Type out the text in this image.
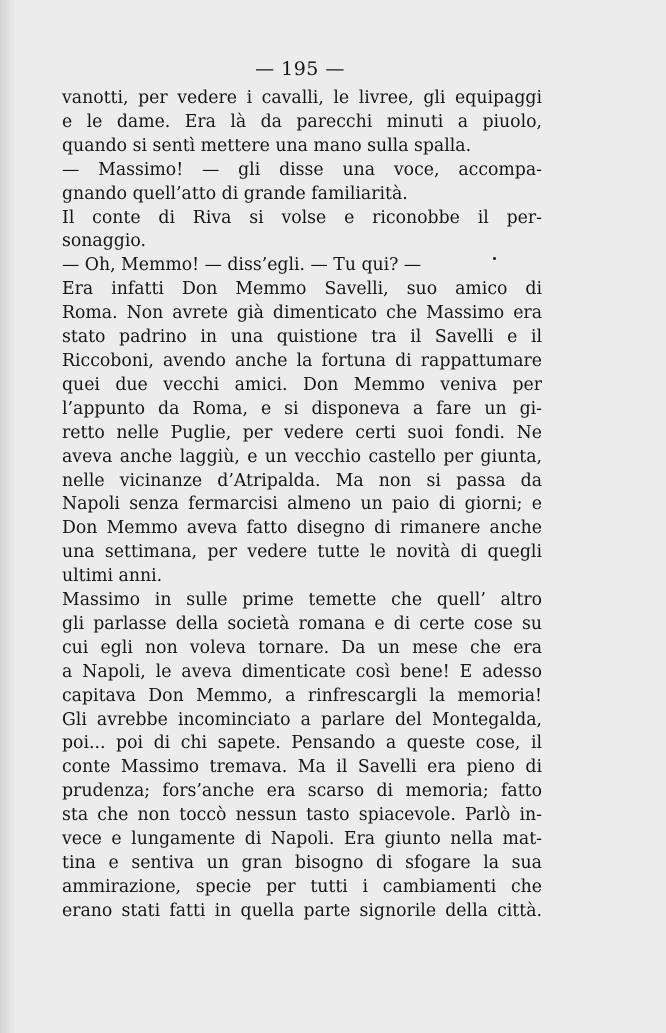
— 195 —
vanotti, per vedere i cavalli, le livree, gli equipaggi
e le dame. Era là da parecchi minuti a piuolo,
quando si sentì mettere una mano sulla spalla.
— Massimo! — gli disse una voce, accompa-
gnando quell’atto di grande familiarità.
Il conte di Riva si volse e riconobbe il per-
sonaggio.
— Oh, Memmo! — diss’egli. — Tu qui? —
Era infatti Don Memmo Savelli, suo amico di
Roma. Non avrete già dimenticato che Massimo era
stato padrino in una quistione tra il Savelli e il
Riccoboni, avendo anche la fortuna di rappattumare
quei due vecchi amici. Don Memmo veniva per
l’appunto da Roma, e si disponeva a fare un gi-
retto nelle Puglie, per vedere certi suoi fondi. Ne
aveva anche laggiù, e un vecchio castello per giunta,
nelle vicinanze d’Atripalda. Ma non si passa da
Napoli senza fermarcisi almeno un paio di giorni; e
Don Memmo aveva fatto disegno di rimanere anche
una settimana, per vedere tutte le novità di quegli
ultimi anni.
Massimo in sulle prime temette che quell’ altro
gli parlasse della società romana e di certe cose su
cui egli non voleva tornare. Da un mese che era
a Napoli, le aveva dimenticate così bene! E adesso
capitava Don Memmo, a rinfrescargli la memoria!
Gli avrebbe incominciato a parlare del Montegalda,
poi... poi di chi sapete. Pensando a queste cose, il
conte Massimo tremava. Ma il Savelli era pieno di
prudenza; fors’anche era scarso di memoria; fatto
sta che non toccò nessun tasto spiacevole. Parlò in-
vece e lungamente di Napoli. Era giunto nella mat-
tina e sentiva un gran bisogno di sfogare la sua
ammirazione, specie per tutti i cambiamenti che
erano stati fatti in quella parte signorile della città.
